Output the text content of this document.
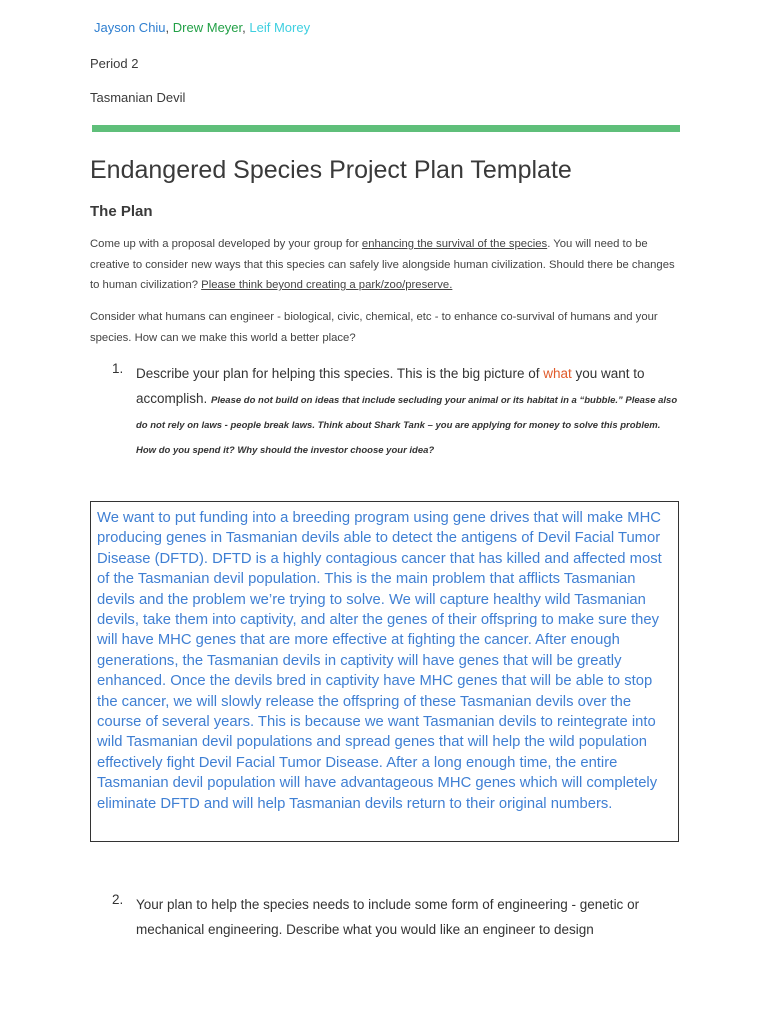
Jayson Chiu, Drew Meyer, Leif Morey
Period 2
Tasmanian Devil
Endangered Species Project Plan Template
The Plan

Come up with a proposal developed by your group for enhancing the survival of the species. You will need to be creative to consider new ways that this species can safely live alongside human civilization. Should there be changes to human civilization? Please think beyond creating a park/zoo/preserve.

Consider what humans can engineer - biological, civic, chemical, etc - to enhance co-survival of humans and your species. How can we make this world a better place?

1. Describe your plan for helping this species. This is the big picture of what you want to accomplish. Please do not build on ideas that include secluding your animal or its habitat in a “bubble.” Please also do not rely on laws - people break laws. Think about Shark Tank – you are applying for money to solve this problem. How do you spend it? Why should the investor choose your idea?

We want to put funding into a breeding program using gene drives that will make MHC producing genes in Tasmanian devils able to detect the antigens of Devil Facial Tumor Disease (DFTD). DFTD is a highly contagious cancer that has killed and affected most of the Tasmanian devil population. This is the main problem that afflicts Tasmanian devils and the problem we’re trying to solve. We will capture healthy wild Tasmanian devils, take them into captivity, and alter the genes of their offspring to make sure they will have MHC genes that are more effective at fighting the cancer. After enough generations, the Tasmanian devils in captivity will have genes that will be greatly enhanced. Once the devils bred in captivity have MHC genes that will be able to stop the cancer, we will slowly release the offspring of these Tasmanian devils over the course of several years. This is because we want Tasmanian devils to reintegrate into wild Tasmanian devil populations and spread genes that will help the wild population effectively fight Devil Facial Tumor Disease. After a long enough time, the entire Tasmanian devil population will have advantageous MHC genes which will completely eliminate DFTD and will help Tasmanian devils return to their original numbers.

2. Your plan to help the species needs to include some form of engineering - genetic or mechanical engineering. Describe what you would like an engineer to design
